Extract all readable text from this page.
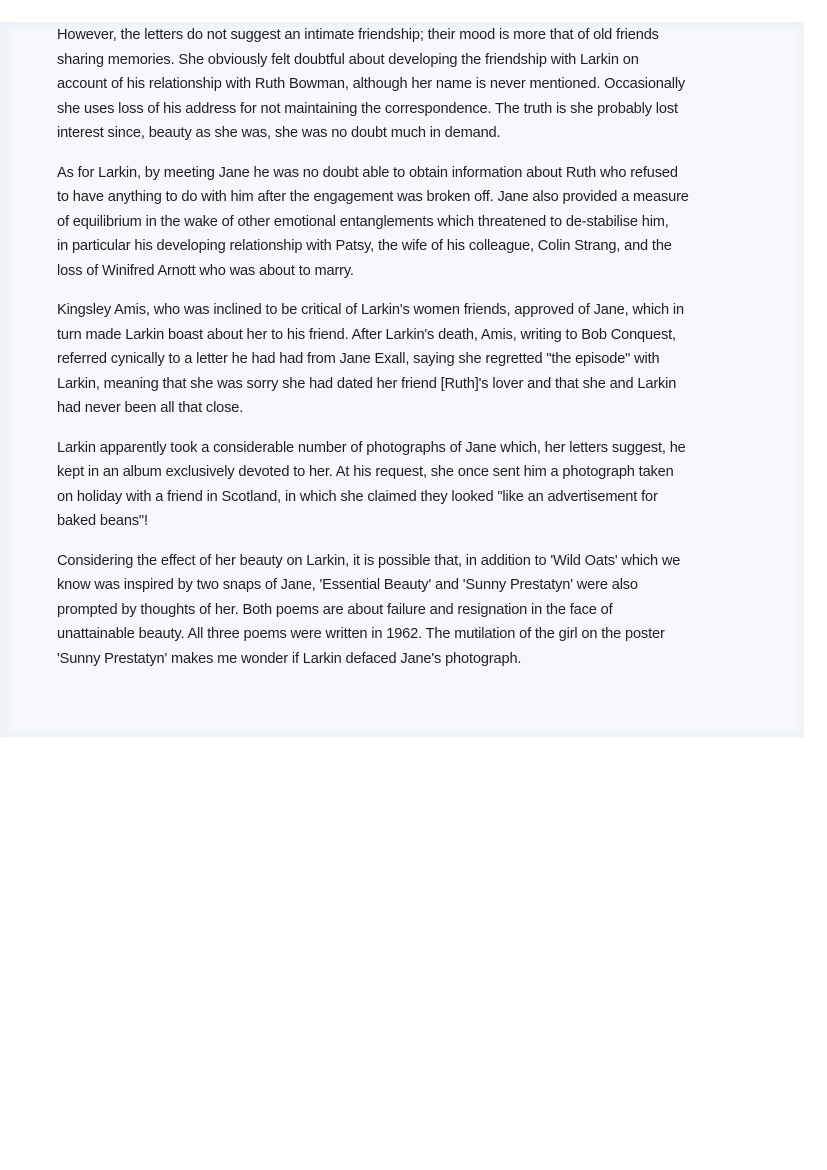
However, the letters do not suggest an intimate friendship; their mood is more that of old friends
sharing memories. She obviously felt doubtful about developing the friendship with Larkin on
account of his relationship with Ruth Bowman, although her name is never mentioned. Occasionally
she uses loss of his address for not maintaining the correspondence. The truth is she probably lost
interest since, beauty as she was, she was no doubt much in demand.

As for Larkin, by meeting Jane he was no doubt able to obtain information about Ruth who refused
to have anything to do with him after the engagement was broken off. Jane also provided a measure
of equilibrium in the wake of other emotional entanglements which threatened to de-stabilise him,
in particular his developing relationship with Patsy, the wife of his colleague, Colin Strang, and the
loss of Winifred Arnott who was about to marry.

Kingsley Amis, who was inclined to be critical of Larkin's women friends, approved of Jane, which in
turn made Larkin boast about her to his friend. After Larkin's death, Amis, writing to Bob Conquest,
referred cynically to a letter he had had from Jane Exall, saying she regretted "the episode" with
Larkin, meaning that she was sorry she had dated her friend [Ruth]'s lover and that she and Larkin
had never been all that close.

Larkin apparently took a considerable number of photographs of Jane which, her letters suggest, he
kept in an album exclusively devoted to her. At his request, she once sent him a photograph taken
on holiday with a friend in Scotland, in which she claimed they looked "like an advertisement for
baked beans"!

Considering the effect of her beauty on Larkin, it is possible that, in addition to 'Wild Oats' which we
know was inspired by two snaps of Jane, 'Essential Beauty' and 'Sunny Prestatyn' were also
prompted by thoughts of her. Both poems are about failure and resignation in the face of
unattainable beauty. All three poems were written in 1962. The mutilation of the girl on the poster
'Sunny Prestatyn' makes me wonder if Larkin defaced Jane's photograph.
